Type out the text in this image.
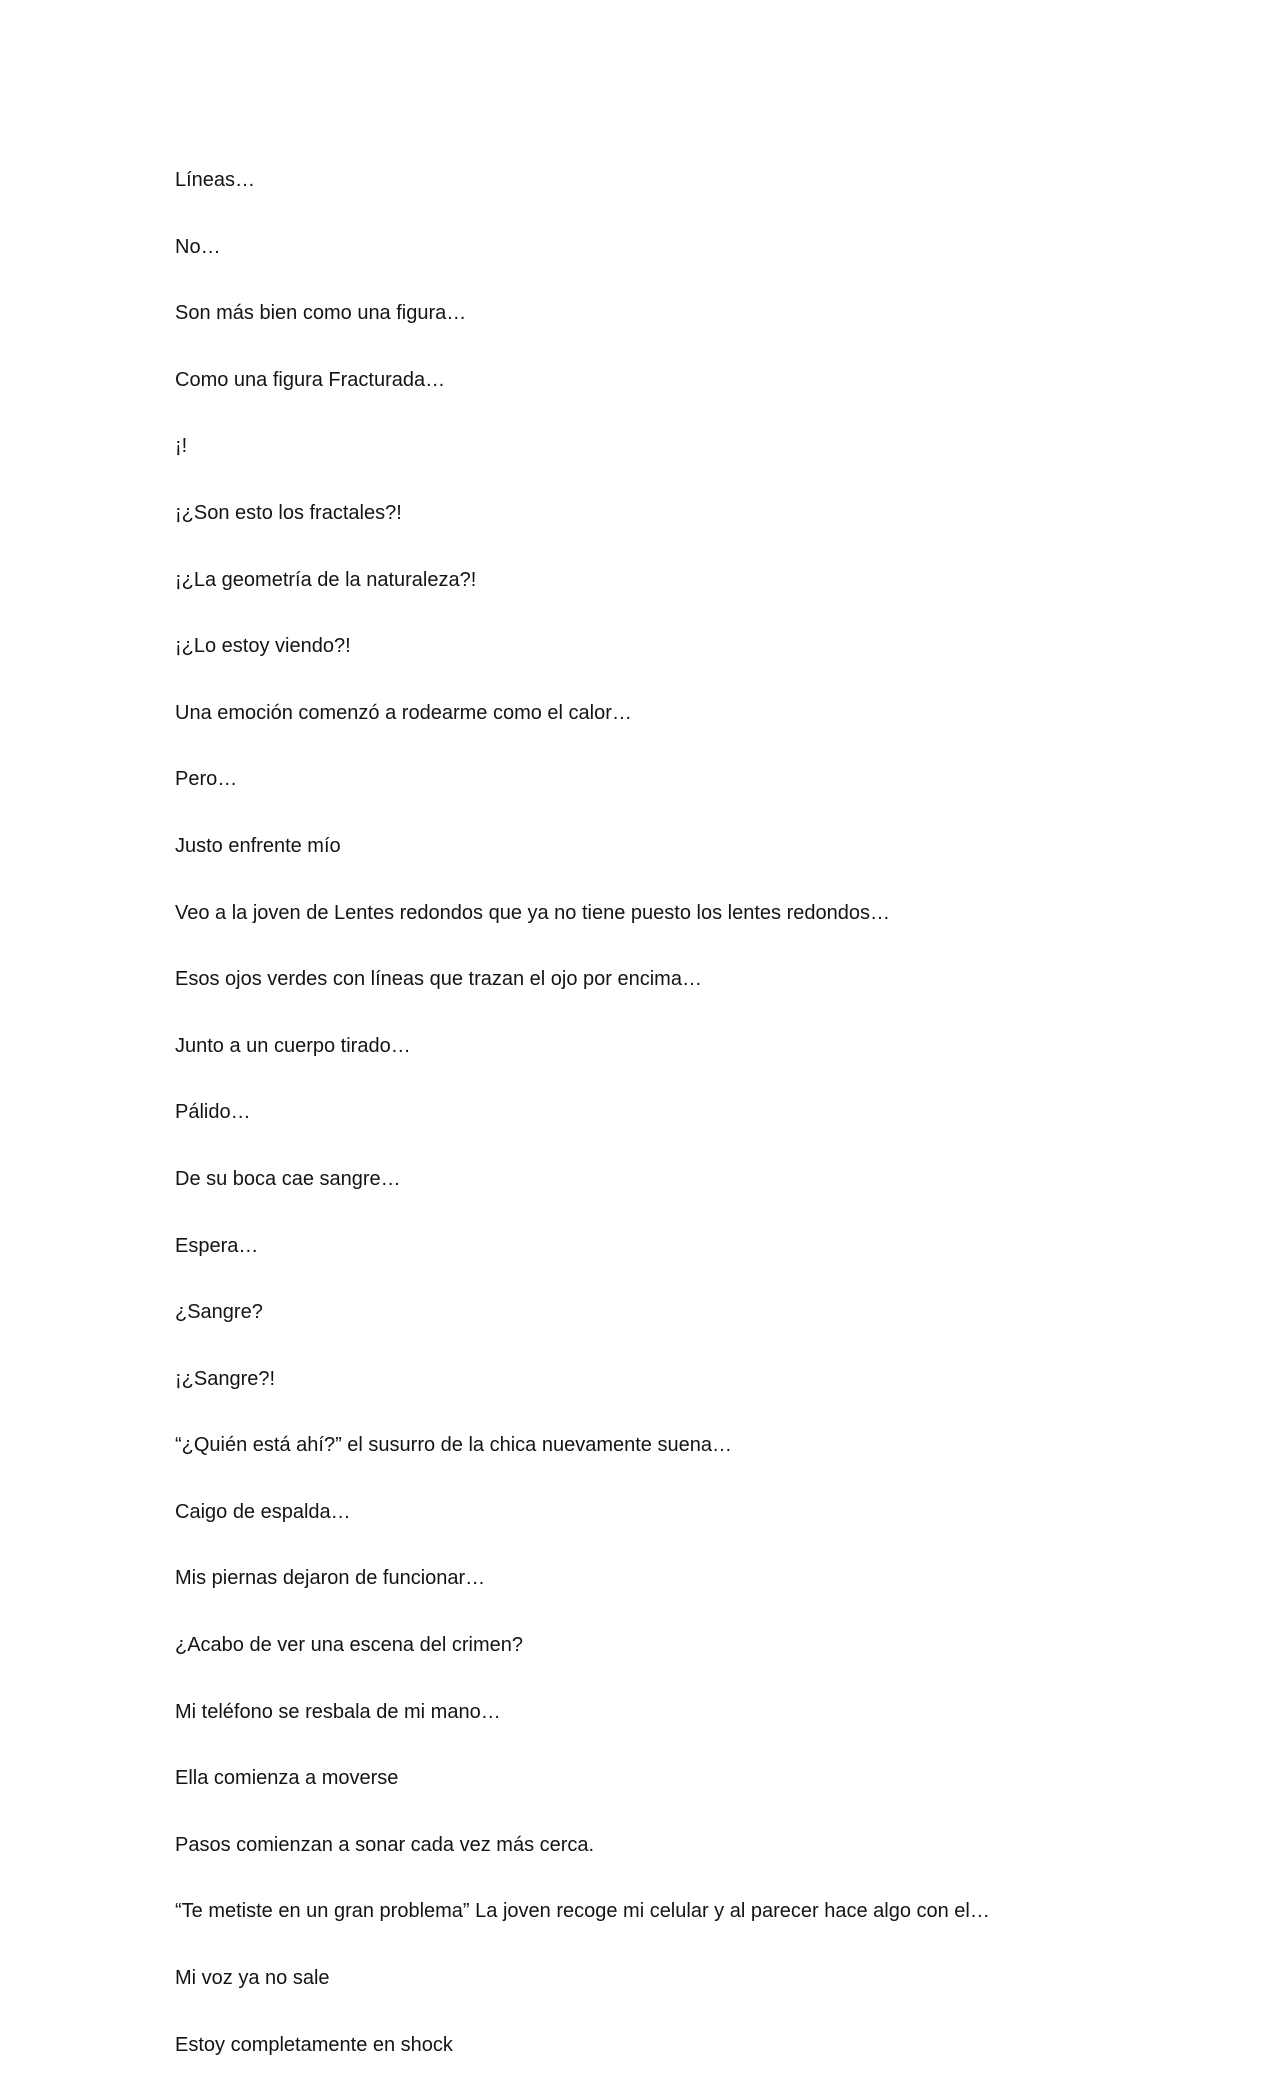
Líneas…

No…

Son más bien como una figura…

Como una figura Fracturada…

¡!

¡¿Son esto los fractales?!

¡¿La geometría de la naturaleza?!

¡¿Lo estoy viendo?!

Una emoción comenzó a rodearme como el calor…

Pero…

Justo enfrente mío

Veo a la joven de Lentes redondos que ya no tiene puesto los lentes redondos…

Esos ojos verdes con líneas que trazan el ojo por encima…

Junto a un cuerpo tirado…

Pálido…

De su boca cae sangre…

Espera…

¿Sangre?

¡¿Sangre?!

“¿Quién está ahí?” el susurro de la chica nuevamente suena…

Caigo de espalda…

Mis piernas dejaron de funcionar…

¿Acabo de ver una escena del crimen?

Mi teléfono se resbala de mi mano…

Ella comienza a moverse

Pasos comienzan a sonar cada vez más cerca.

“Te metiste en un gran problema” La joven recoge mi celular y al parecer hace algo con el…

Mi voz ya no sale

Estoy completamente en shock
